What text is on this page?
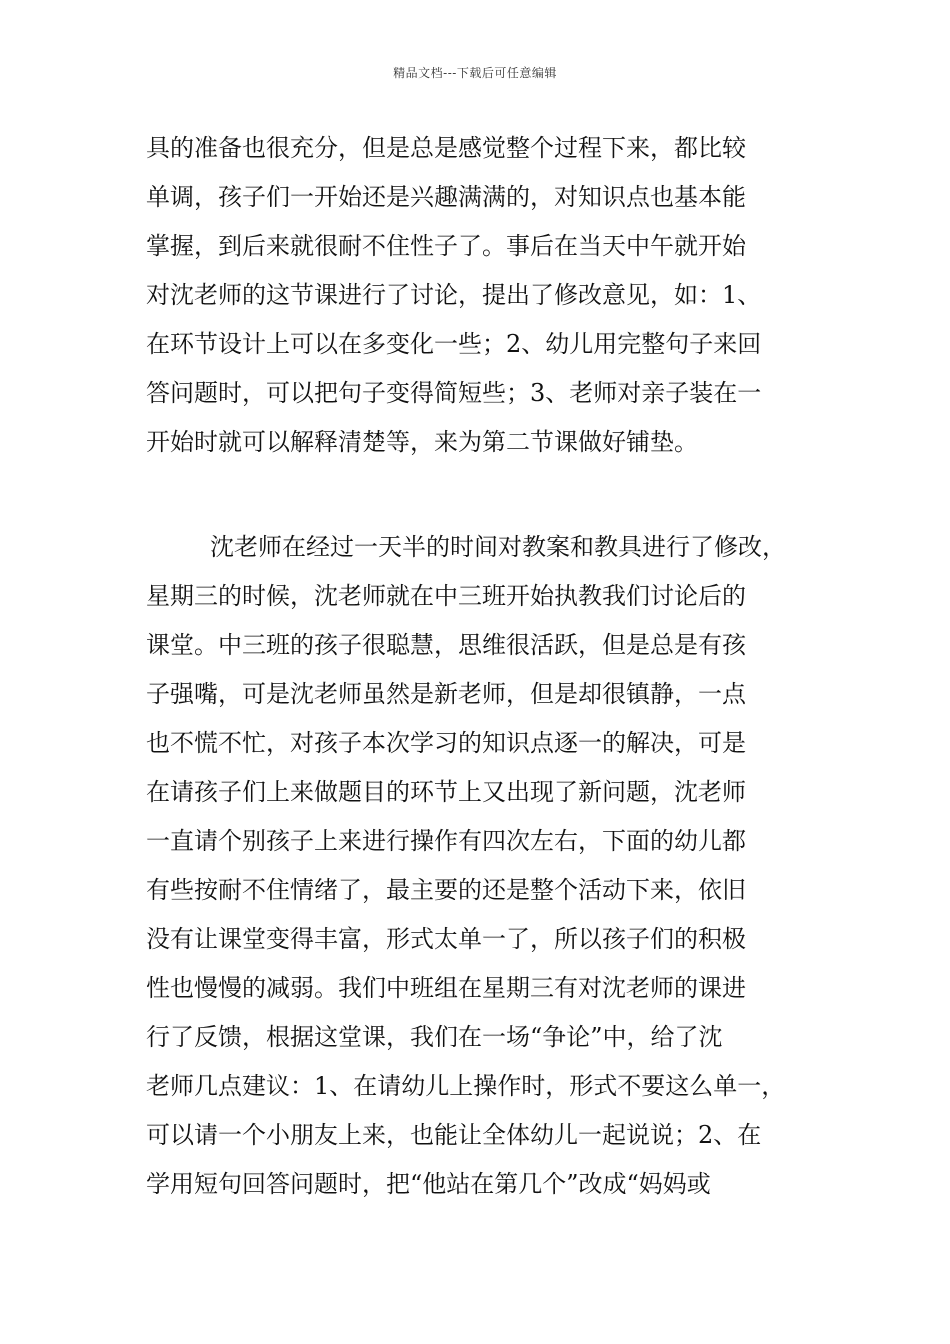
精品文档---下载后可任意编辑
具的准备也很充分，但是总是感觉整个过程下来，都比较
单调，孩子们一开始还是兴趣满满的，对知识点也基本能
掌握，到后来就很耐不住性子了。事后在当天中午就开始
对沈老师的这节课进行了讨论，提出了修改意见，如：1、
在环节设计上可以在多变化一些；2、幼儿用完整句子来回
答问题时，可以把句子变得简短些；3、老师对亲子装在一
开始时就可以解释清楚等，来为第二节课做好铺垫。
沈老师在经过一天半的时间对教案和教具进行了修改，
星期三的时候，沈老师就在中三班开始执教我们讨论后的
课堂。中三班的孩子很聪慧，思维很活跃，但是总是有孩
子强嘴，可是沈老师虽然是新老师，但是却很镇静，一点
也不慌不忙，对孩子本次学习的知识点逐一的解决，可是
在请孩子们上来做题目的环节上又出现了新问题，沈老师
一直请个别孩子上来进行操作有四次左右，下面的幼儿都
有些按耐不住情绪了，最主要的还是整个活动下来，依旧
没有让课堂变得丰富，形式太单一了，所以孩子们的积极
性也慢慢的减弱。我们中班组在星期三有对沈老师的课进
行了反馈，根据这堂课，我们在一场“争论”中，给了沈
老师几点建议：1、在请幼儿上操作时，形式不要这么单一，
可以请一个小朋友上来，也能让全体幼儿一起说说；2、在
学用短句回答问题时，把“他站在第几个”改成“妈妈或
